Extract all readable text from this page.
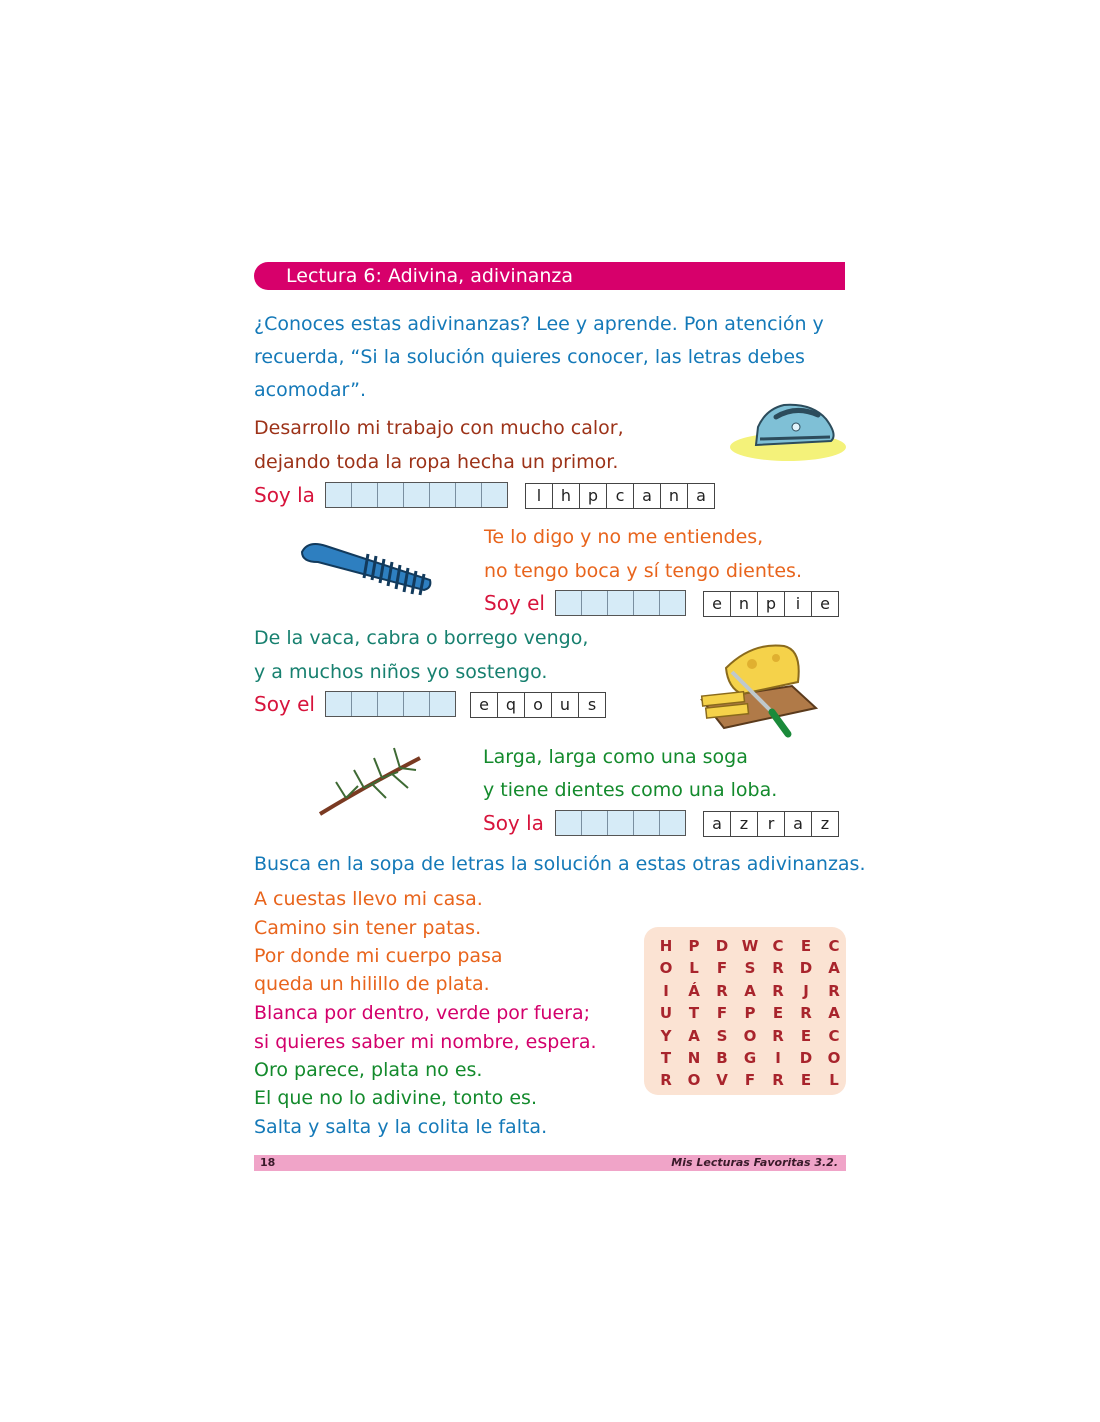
Lectura 6: Adivina, adivinanza
¿Conoces estas adivinanzas? Lee y aprende. Pon atención y recuerda, “Si la solución quieres conocer, las letras debes acomodar”.
Desarrollo mi trabajo con mucho calor,
dejando toda la ropa hecha un primor.
Soy la	l	h	p	c	a	n	a
Te lo digo y no me entiendes,
no tengo boca y sí tengo dientes.
Soy el	e	n	p	i	e
De la vaca, cabra o borrego vengo,
y a muchos niños yo sostengo.
Soy el	e	q	o	u	s
Larga, larga como una soga
y tiene dientes como una loba.
Soy la	a	z	r	a	z
Busca en la sopa de letras la solución a estas otras adivinanzas.
A cuestas llevo mi casa.
Camino sin tener patas.
Por donde mi cuerpo pasa
queda un hilillo de plata.
Blanca por dentro, verde por fuera;
si quieres saber mi nombre, espera.
Oro parece, plata no es.
El que no lo adivine, tonto es.
Salta y salta y la colita le falta.
H	P	D W C	E	C
O	L	F	S	R	D	A
I	Á	R	A	R	J	R
U	T	F	P	E	R	A
Y	A	S	O	R	E	C
T	N	B	G	I	D	O
R	O	V	F	R	E	L
18	Mis Lecturas Favoritas 3.2.
